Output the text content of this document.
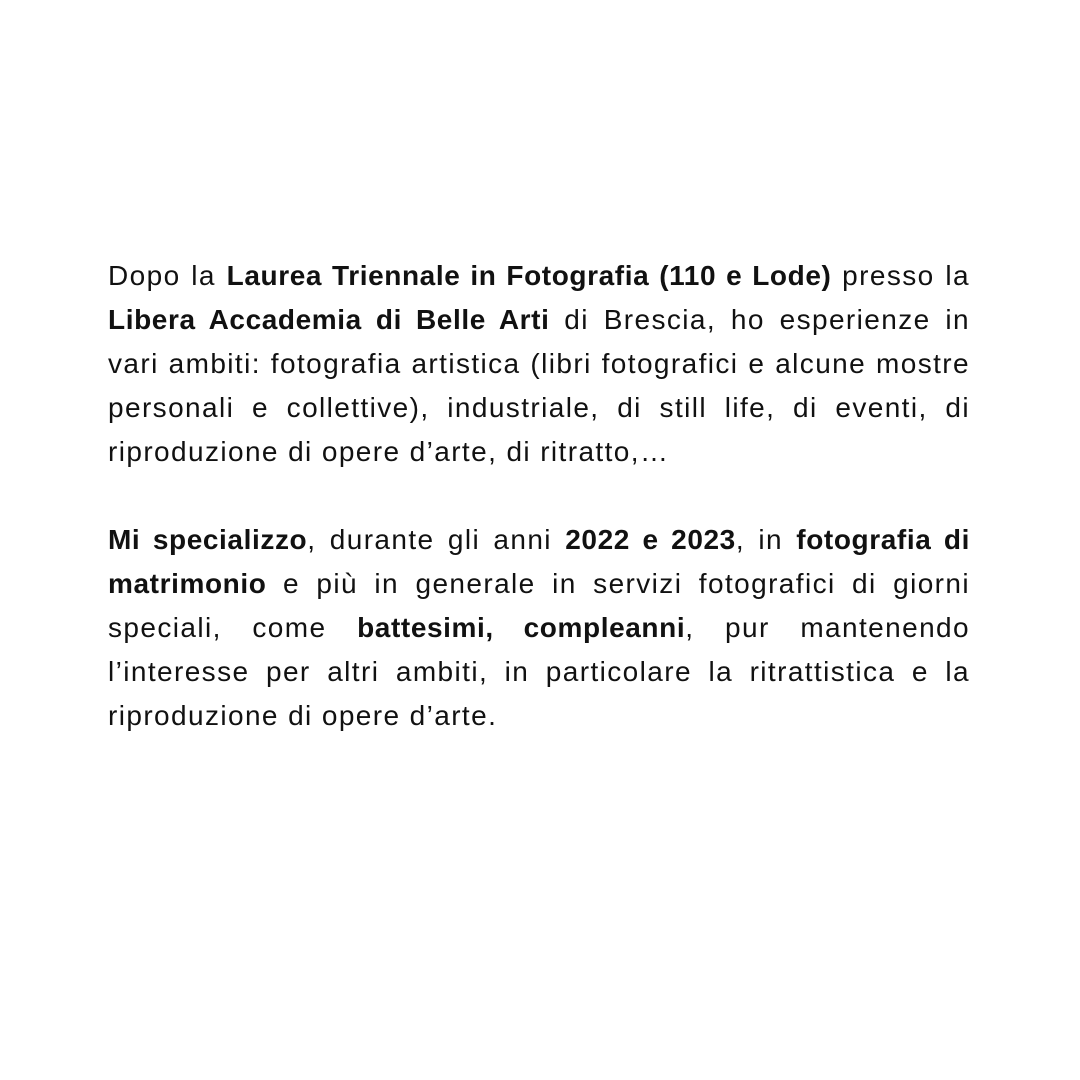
Dopo la Laurea Triennale in Fotografia (110 e Lode) presso la Libera Accademia di Belle Arti di Brescia, ho esperienze in vari ambiti: fotografia artistica (libri fotografici e alcune mostre personali e collettive), industriale, di still life, di eventi, di riproduzione di opere d’arte, di ritratto,…

Mi specializzo, durante gli anni 2022 e 2023, in fotografia di matrimonio e più in generale in servizi fotografici di giorni speciali, come battesimi, compleanni, pur mantenendo l’interesse per altri ambiti, in particolare la ritrattistica e la riproduzione di opere d’arte.
